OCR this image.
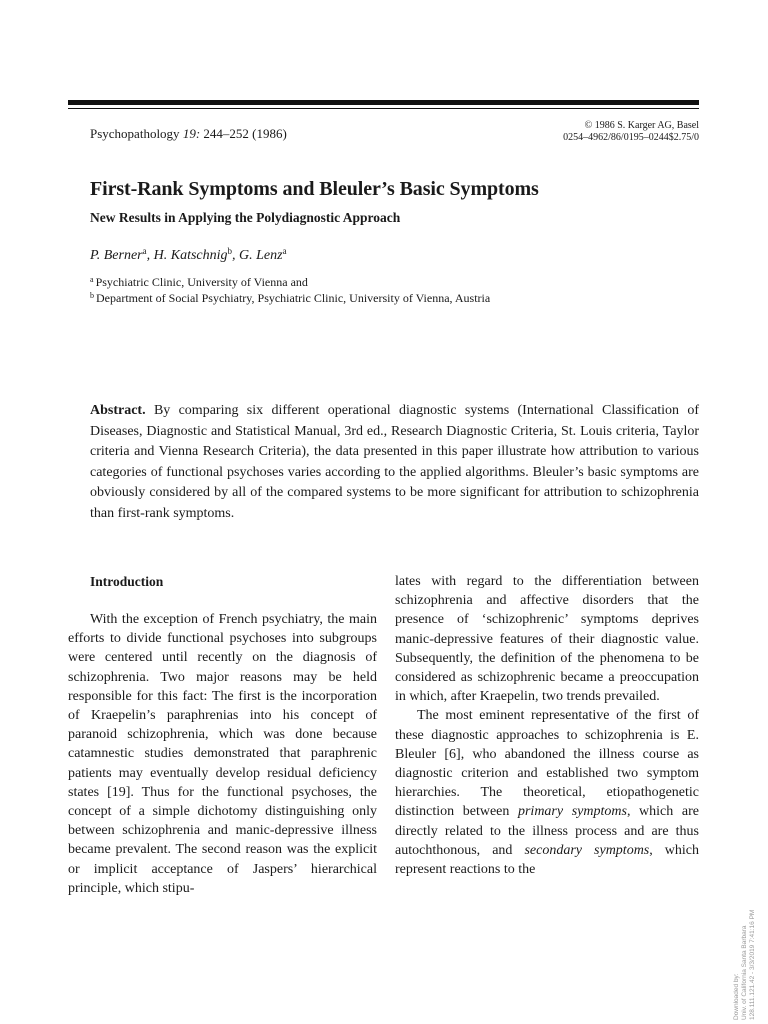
Psychopathology 19: 244–252 (1986)
© 1986 S. Karger AG, Basel
0254–4962/86/0195–0244$2.75/0
First-Rank Symptoms and Bleuler’s Basic Symptoms
New Results in Applying the Polydiagnostic Approach
P. Berner$^a$, H. Katschnig$^b$, G. Lenz$^a$
$^a$ Psychiatric Clinic, University of Vienna and
$^b$ Department of Social Psychiatry, Psychiatric Clinic, University of Vienna, Austria

Abstract. By comparing six different operational diagnostic systems (International Classification of Diseases, Diagnostic and Statistical Manual, 3rd ed., Research Diagnostic Criteria, St. Louis criteria, Taylor criteria and Vienna Research Criteria), the data presented in this paper illustrate how attribution to various categories of functional psychoses varies according to the applied algorithms. Bleuler’s basic symptoms are obviously considered by all of the compared systems to be more significant for attribution to schizophrenia than first-rank symptoms.

Introduction

With the exception of French psychiatry, the main efforts to divide functional psychoses into subgroups were centered until recently on the diagnosis of schizophrenia. Two major reasons may be held responsible for this fact: The first is the incorporation of Kraepelin’s paraphrenias into his concept of paranoid schizophrenia, which was done because catamnestic studies demonstrated that paraphrenic patients may eventually develop residual deficiency states [19]. Thus for the functional psychoses, the concept of a simple dichotomy distinguishing only between schizophrenia and manic-depressive illness became prevalent. The second reason was the explicit or implicit acceptance of Jaspers’ hierarchical principle, which stipu-

lates with regard to the differentiation between schizophrenia and affective disorders that the presence of ‘schizophrenic’ symptoms deprives manic-depressive features of their diagnostic value. Subsequently, the definition of the phenomena to be considered as schizophrenic became a preoccupation in which, after Kraepelin, two trends prevailed.

The most eminent representative of the first of these diagnostic approaches to schizophrenia is E. Bleuler [6], who abandoned the illness course as diagnostic criterion and established two symptom hierarchies. The theoretical, etiopathogenetic distinction between primary symptoms, which are directly related to the illness process and are thus autochthonous, and secondary symptoms, which represent reactions to the

Downloaded by: Univ. of California Santa Barbara 128.111.121.42 - 3/3/2019 7:41:16 PM
